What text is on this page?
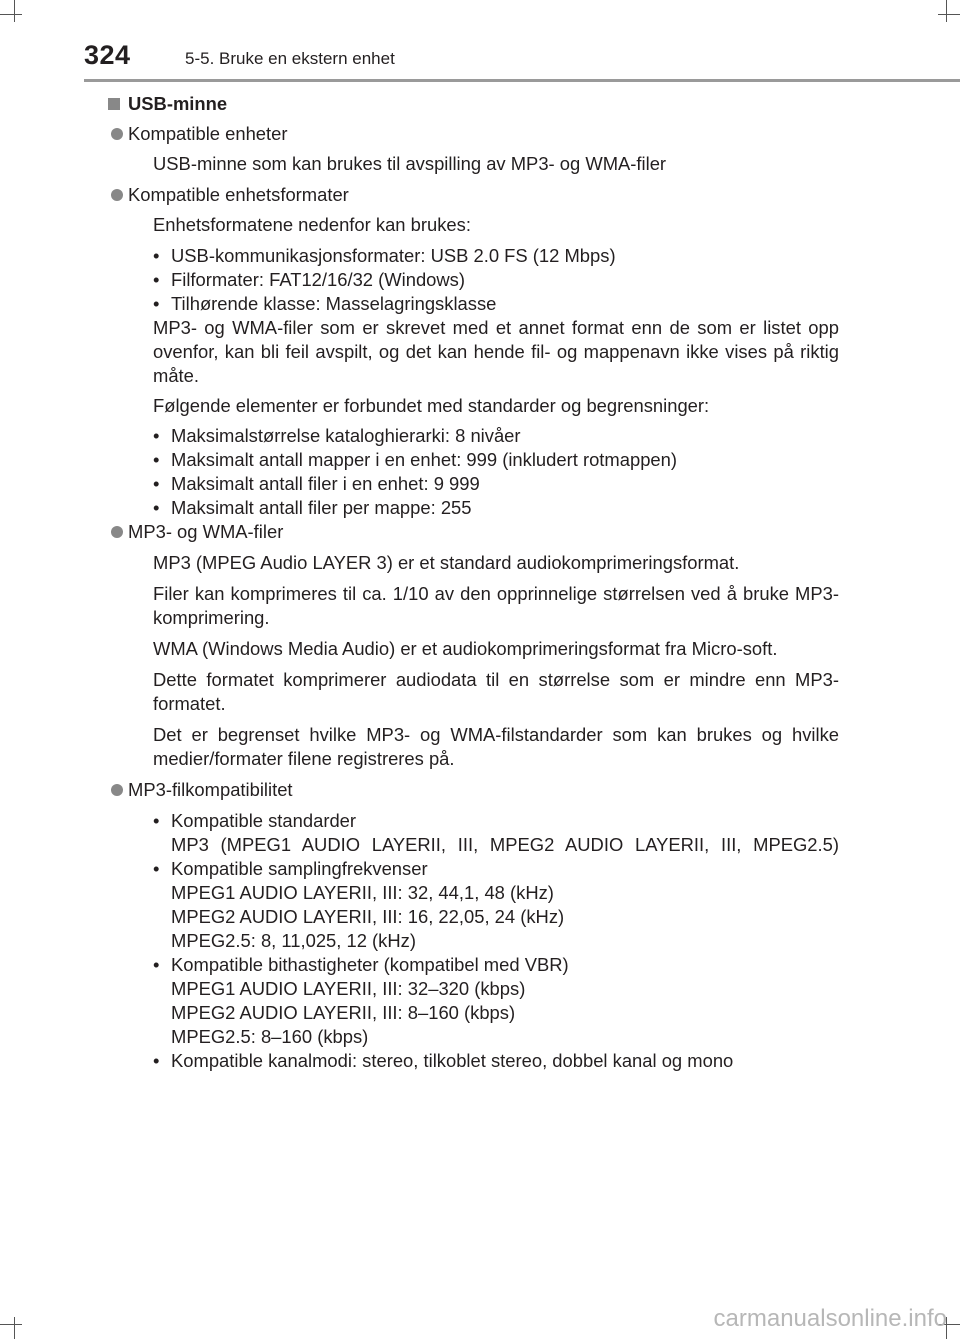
324	5-5. Bruke en ekstern enhet
USB-minne
Kompatible enheter
USB-minne som kan brukes til avspilling av MP3- og WMA-filer
Kompatible enhetsformater
Enhetsformatene nedenfor kan brukes:
• USB-kommunikasjonsformater: USB 2.0 FS (12 Mbps)
• Filformater: FAT12/16/32 (Windows)
• Tilhørende klasse: Masselagringsklasse
MP3- og WMA-filer som er skrevet med et annet format enn de som er listet opp ovenfor, kan bli feil avspilt, og det kan hende fil- og mappenavn ikke vises på riktig måte.
Følgende elementer er forbundet med standarder og begrensninger:
• Maksimalstørrelse kataloghierarki: 8 nivåer
• Maksimalt antall mapper i en enhet: 999 (inkludert rotmappen)
• Maksimalt antall filer i en enhet: 9 999
• Maksimalt antall filer per mappe: 255
MP3- og WMA-filer
MP3 (MPEG Audio LAYER 3) er et standard audiokomprimeringsformat.
Filer kan komprimeres til ca. 1/10 av den opprinnelige størrelsen ved å bruke MP3-komprimering.
WMA (Windows Media Audio) er et audiokomprimeringsformat fra Micro-soft.
Dette formatet komprimerer audiodata til en størrelse som er mindre enn MP3-formatet.
Det er begrenset hvilke MP3- og WMA-filstandarder som kan brukes og hvilke medier/formater filene registreres på.
MP3-filkompatibilitet
• Kompatible standarder
MP3 (MPEG1 AUDIO LAYERII, III, MPEG2 AUDIO LAYERII, III, MPEG2.5)
• Kompatible samplingfrekvenser
MPEG1 AUDIO LAYERII, III: 32, 44,1, 48 (kHz)
MPEG2 AUDIO LAYERII, III: 16, 22,05, 24 (kHz)
MPEG2.5: 8, 11,025, 12 (kHz)
• Kompatible bithastigheter (kompatibel med VBR)
MPEG1 AUDIO LAYERII, III: 32–320 (kbps)
MPEG2 AUDIO LAYERII, III: 8–160 (kbps)
MPEG2.5: 8–160 (kbps)
• Kompatible kanalmodi: stereo, tilkoblet stereo, dobbel kanal og mono
carmanualsonline.info
